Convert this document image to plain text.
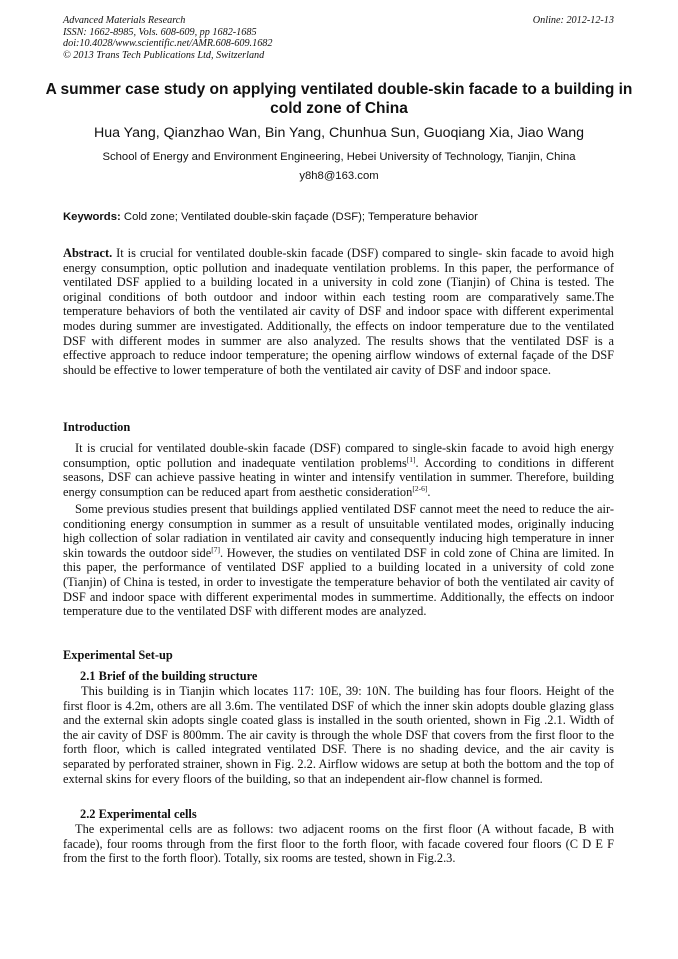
Advanced Materials Research
ISSN: 1662-8985, Vols. 608-609, pp 1682-1685
doi:10.4028/www.scientific.net/AMR.608-609.1682
© 2013 Trans Tech Publications Ltd, Switzerland
Online: 2012-12-13
A summer case study on applying ventilated double-skin facade to a building in cold zone of China
Hua Yang, Qianzhao Wan, Bin Yang, Chunhua Sun, Guoqiang Xia, Jiao Wang
School of Energy and Environment Engineering, Hebei University of Technology, Tianjin, China
y8h8@163.com
Keywords: Cold zone; Ventilated double-skin façade (DSF); Temperature behavior
Abstract. It is crucial for ventilated double-skin facade (DSF) compared to single- skin facade to avoid high energy consumption, optic pollution and inadequate ventilation problems. In this paper, the performance of ventilated DSF applied to a building located in a university in cold zone (Tianjin) of China is tested. The original conditions of both outdoor and indoor within each testing room are comparatively same.The temperature behaviors of both the ventilated air cavity of DSF and indoor space with different experimental modes during summer are investigated. Additionally, the effects on indoor temperature due to the ventilated DSF with different modes in summer are also analyzed. The results shows that the ventilated DSF is a effective approach to reduce indoor temperature; the opening airflow windows of external façade of the DSF should be effective to lower temperature of both the ventilated air cavity of DSF and indoor space.
Introduction
It is crucial for ventilated double-skin facade (DSF) compared to single-skin facade to avoid high energy consumption, optic pollution and inadequate ventilation problems[1]. According to conditions in different seasons, DSF can achieve passive heating in winter and intensify ventilation in summer. Therefore, building energy consumption can be reduced apart from aesthetic consideration[2-6].
Some previous studies present that buildings applied ventilated DSF cannot meet the need to reduce the air-conditioning energy consumption in summer as a result of unsuitable ventilated modes, originally inducing high collection of solar radiation in ventilated air cavity and consequently inducing high temperature in inner skin towards the outdoor side[7]. However, the studies on ventilated DSF in cold zone of China are limited. In this paper, the performance of ventilated DSF applied to a building located in a university of cold zone (Tianjin) of China is tested, in order to investigate the temperature behavior of both the ventilated air cavity of DSF and indoor space with different experimental modes in summertime. Additionally, the effects on indoor temperature due to the ventilated DSF with different modes are analyzed.
Experimental Set-up
2.1 Brief of the building structure
This building is in Tianjin which locates 117: 10E, 39: 10N. The building has four floors. Height of the first floor is 4.2m, others are all 3.6m. The ventilated DSF of which the inner skin adopts double glazing glass and the external skin adopts single coated glass is installed in the south oriented, shown in Fig .2.1. Width of the air cavity of DSF is 800mm. The air cavity is through the whole DSF that covers from the first floor to the forth floor, which is called integrated ventilated DSF. There is no shading device, and the air cavity is separated by perforated strainer, shown in Fig. 2.2. Airflow widows are setup at both the bottom and the top of external skins for every floors of the building, so that an independent air-flow channel is formed.
2.2 Experimental cells
The experimental cells are as follows: two adjacent rooms on the first floor (A without facade, B with facade), four rooms through from the first floor to the forth floor, with facade covered four floors (C D E F from the first to the forth floor). Totally, six rooms are tested, shown in Fig.2.3.
